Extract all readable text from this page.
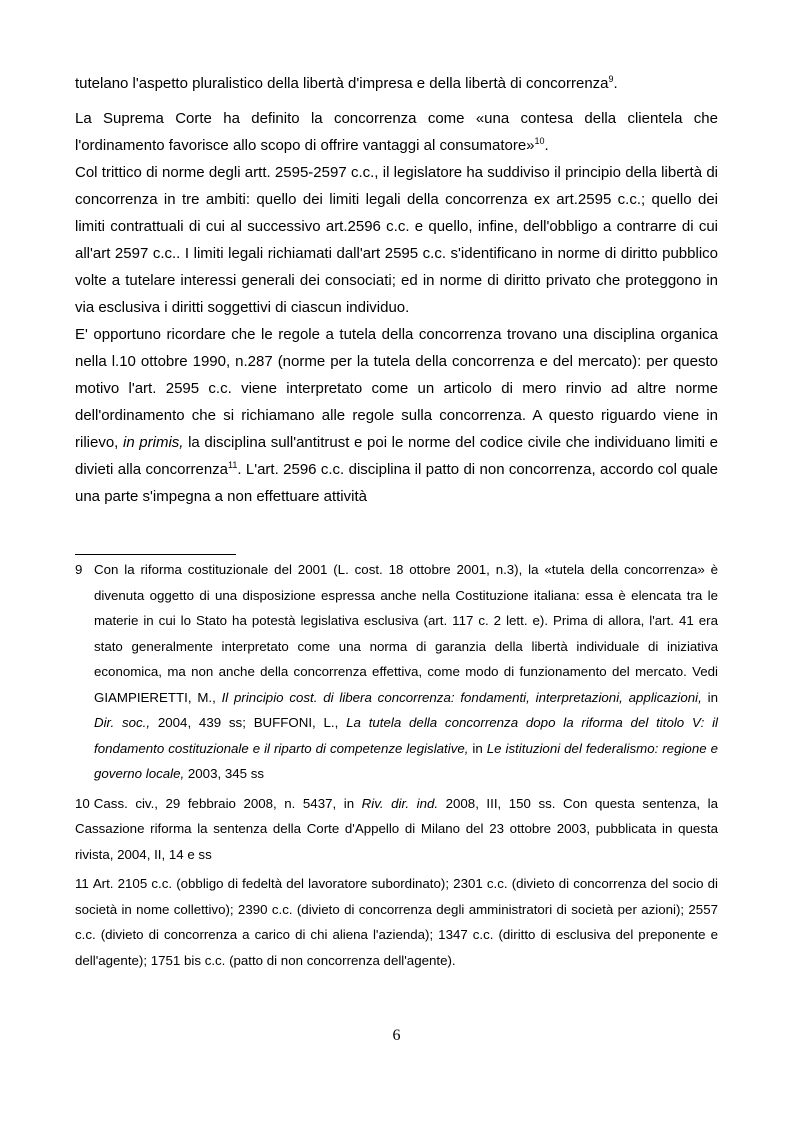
tutelano l'aspetto pluralistico della libertà d'impresa e della libertà di concorrenza$^9$.

La Suprema Corte ha definito la concorrenza come «una contesa della clientela che l'ordinamento favorisce allo scopo di offrire vantaggi al consumatore»$^{10}$.

Col trittico di norme degli artt. 2595-2597 c.c., il legislatore ha suddiviso il principio della libertà di concorrenza in tre ambiti: quello dei limiti legali della concorrenza ex art.2595 c.c.; quello dei limiti contrattuali di cui al successivo art.2596 c.c. e quello, infine, dell'obbligo a contrarre di cui all'art 2597 c.c.. I limiti legali richiamati dall'art 2595 c.c. s'identificano in norme di diritto pubblico volte a tutelare interessi generali dei consociati; ed in norme di diritto privato che proteggono in via esclusiva i diritti soggettivi di ciascun individuo.

E' opportuno ricordare che le regole a tutela della concorrenza trovano una disciplina organica nella l.10 ottobre 1990, n.287 (norme per la tutela della concorrenza e del mercato): per questo motivo l'art. 2595 c.c. viene interpretato come un articolo di mero rinvio ad altre norme dell'ordinamento che si richiamano alle regole sulla concorrenza. A questo riguardo viene in rilievo, in primis, la disciplina sull'antitrust e poi le norme del codice civile che individuano limiti e divieti alla concorrenza$^{11}$. L'art. 2596 c.c. disciplina il patto di non concorrenza, accordo col quale una parte s'impegna a non effettuare attività

9 Con la riforma costituzionale del 2001 (L. cost. 18 ottobre 2001, n.3), la «tutela della concorrenza» è divenuta oggetto di una disposizione espressa anche nella Costituzione italiana: essa è elencata tra le materie in cui lo Stato ha potestà legislativa esclusiva (art. 117 c. 2 lett. e). Prima di allora, l'art. 41 era stato generalmente interpretato come una norma di garanzia della libertà individuale di iniziativa economica, ma non anche della concorrenza effettiva, come modo di funzionamento del mercato. Vedi GIAMPIERETTI, M., Il principio cost. di libera concorrenza: fondamenti, interpretazioni, applicazioni, in Dir. soc., 2004, 439 ss; BUFFONI, L., La tutela della concorrenza dopo la riforma del titolo V: il fondamento costituzionale e il riparto di competenze legislative, in Le istituzioni del federalismo: regione e governo locale, 2003, 345 ss

10 Cass. civ., 29 febbraio 2008, n. 5437, in Riv. dir. ind. 2008, III, 150 ss. Con questa sentenza, la Cassazione riforma la sentenza della Corte d'Appello di Milano del 23 ottobre 2003, pubblicata in questa rivista, 2004, II, 14 e ss

11 Art. 2105 c.c. (obbligo di fedeltà del lavoratore subordinato); 2301 c.c. (divieto di concorrenza del socio di società in nome collettivo); 2390 c.c. (divieto di concorrenza degli amministratori di società per azioni); 2557 c.c. (divieto di concorrenza a carico di chi aliena l'azienda); 1347 c.c. (diritto di esclusiva del preponente e dell'agente); 1751 bis c.c. (patto di non concorrenza dell'agente).

6
